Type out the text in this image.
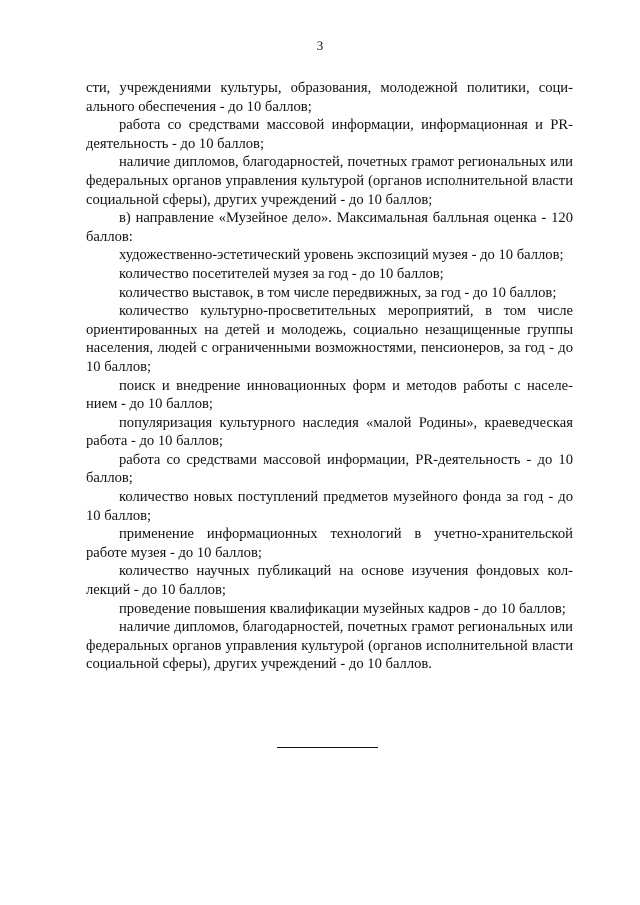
3

сти, учреждениями культуры, образования, молодежной политики, социального обеспечения - до 10 баллов;

работа со средствами массовой информации, информационная и PR-деятельность - до 10 баллов;

наличие дипломов, благодарностей, почетных грамот региональных или федеральных органов управления культурой (органов исполнительной власти социальной сферы), других учреждений - до 10 баллов;

в) направление «Музейное дело». Максимальная балльная оценка - 120 баллов:

художественно-эстетический уровень экспозиций музея - до 10 баллов;

количество посетителей музея за год - до 10 баллов;

количество выставок, в том числе передвижных, за год - до 10 баллов;

количество культурно-просветительных мероприятий, в том числе ориентированных на детей и молодежь, социально незащищенные группы населения, людей с ограниченными возможностями, пенсионеров, за год - до 10 баллов;

поиск и внедрение инновационных форм и методов работы с населением - до 10 баллов;

популяризация культурного наследия «малой Родины», краеведческая работа - до 10 баллов;

работа со средствами массовой информации, PR-деятельность - до 10 баллов;

количество новых поступлений предметов музейного фонда за год - до 10 баллов;

применение информационных технологий в учетно-хранительской работе музея - до 10 баллов;

количество научных публикаций на основе изучения фондовых коллекций - до 10 баллов;

проведение повышения квалификации музейных кадров - до 10 баллов;

наличие дипломов, благодарностей, почетных грамот региональных или федеральных органов управления культурой (органов исполнительной власти социальной сферы), других учреждений - до 10 баллов.
